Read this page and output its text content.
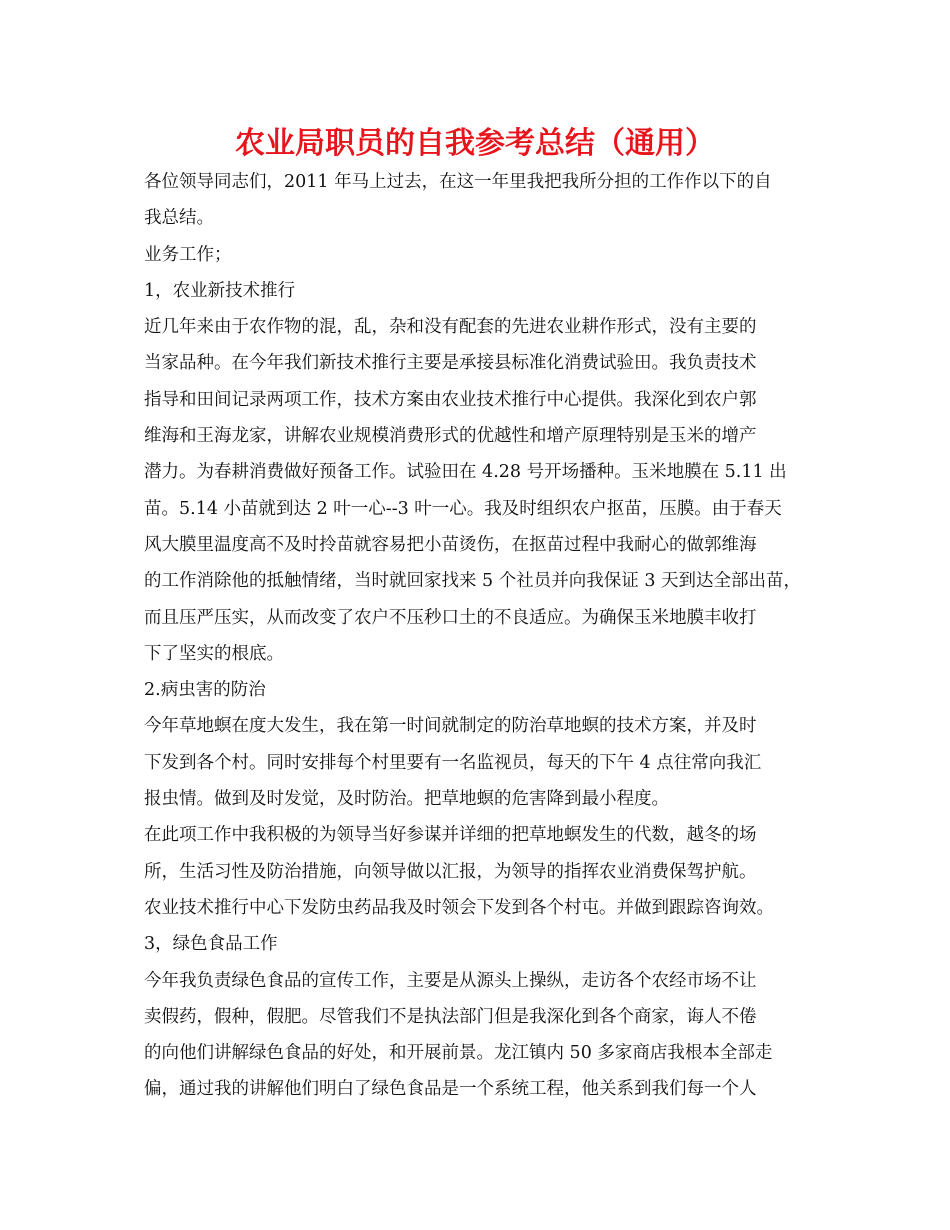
农业局职员的自我参考总结（通用）

各位领导同志们，2011 年马上过去，在这一年里我把我所分担的工作作以下的自

我总结。

业务工作；

1，农业新技术推行

近几年来由于农作物的混，乱，杂和没有配套的先进农业耕作形式，没有主要的

当家品种。在今年我们新技术推行主要是承接县标准化消费试验田。我负责技术

指导和田间记录两项工作，技术方案由农业技术推行中心提供。我深化到农户郭

维海和王海龙家，讲解农业规模消费形式的优越性和增产原理特别是玉米的增产

潜力。为春耕消费做好预备工作。试验田在 4.28 号开场播种。玉米地膜在 5.11 出

苗。5.14 小苗就到达 2 叶一心--3 叶一心。我及时组织农户抠苗，压膜。由于春天

风大膜里温度高不及时拎苗就容易把小苗烫伤，在抠苗过程中我耐心的做郭维海

的工作消除他的抵触情绪，当时就回家找来 5 个社员并向我保证 3 天到达全部出苗，

而且压严压实，从而改变了农户不压秒口土的不良适应。为确保玉米地膜丰收打

下了坚实的根底。

2.病虫害的防治

今年草地螟在度大发生，我在第一时间就制定的防治草地螟的技术方案，并及时

下发到各个村。同时安排每个村里要有一名监视员，每天的下午 4 点往常向我汇

报虫情。做到及时发觉，及时防治。把草地螟的危害降到最小程度。

在此项工作中我积极的为领导当好参谋并详细的把草地螟发生的代数，越冬的场

所，生活习性及防治措施，向领导做以汇报，为领导的指挥农业消费保驾护航。

农业技术推行中心下发防虫药品我及时领会下发到各个村屯。并做到跟踪咨询效。

3，绿色食品工作

今年我负责绿色食品的宣传工作，主要是从源头上操纵，走访各个农经市场不让

卖假药，假种，假肥。尽管我们不是执法部门但是我深化到各个商家，诲人不倦

的向他们讲解绿色食品的好处，和开展前景。龙江镇内 50 多家商店我根本全部走

偏，通过我的讲解他们明白了绿色食品是一个系统工程，他关系到我们每一个人
